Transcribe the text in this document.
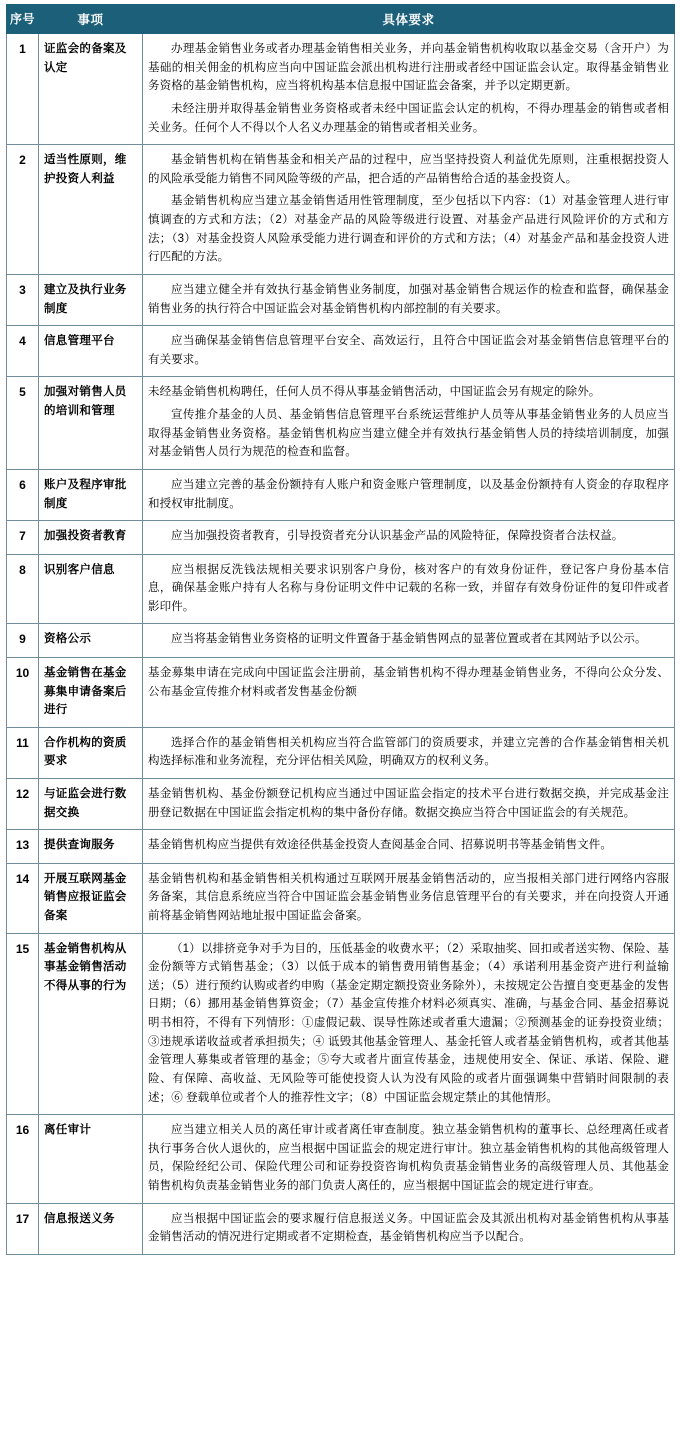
序号	事项	具体要求
1	证监会的备案及认定	办理基金销售业务或者办理基金销售相关业务，并向基金销售机构收取以基金交易（含开户）为基础的相关佣金的机构应当向中国证监会派出机构进行注册或者经中国证监会认定。取得基金销售业务资格的基金销售机构，应当将机构基本信息报中国证监会备案，并予以定期更新。

未经注册并取得基金销售业务资格或者未经中国证监会认定的机构，不得办理基金的销售或者相关业务。任何个人不得以个人名义办理基金的销售或者相关业务。

2	适当性原则，维护投资人利益	基金销售机构在销售基金和相关产品的过程中，应当坚持投资人利益优先原则，注重根据投资人的风险承受能力销售不同风险等级的产品，把合适的产品销售给合适的基金投资人。

基金销售机构应当建立基金销售适用性管理制度，至少包括以下内容：（1）对基金管理人进行审慎调查的方式和方法；（2）对基金产品的风险等级进行设置、对基金产品进行风险评价的方式和方法；（3）对基金投资人风险承受能力进行调查和评价的方式和方法；（4）对基金产品和基金投资人进行匹配的方法。

3	建立及执行业务制度	应当建立健全并有效执行基金销售业务制度，加强对基金销售合规运作的检查和监督，确保基金销售业务的执行符合中国证监会对基金销售机构内部控制的有关要求。

4	信息管理平台	应当确保基金销售信息管理平台安全、高效运行，且符合中国证监会对基金销售信息管理平台的有关要求。

5	加强对销售人员的培训和管理	未经基金销售机构聘任，任何人员不得从事基金销售活动，中国证监会另有规定的除外。

宣传推介基金的人员、基金销售信息管理平台系统运营维护人员等从事基金销售业务的人员应当取得基金销售业务资格。基金销售机构应当建立健全并有效执行基金销售人员的持续培训制度，加强对基金销售人员行为规范的检查和监督。

6	账户及程序审批制度	应当建立完善的基金份额持有人账户和资金账户管理制度，以及基金份额持有人资金的存取程序和授权审批制度。

7	加强投资者教育	应当加强投资者教育，引导投资者充分认识基金产品的风险特征，保障投资者合法权益。

8	识别客户信息	应当根据反洗钱法规相关要求识别客户身份，核对客户的有效身份证件，登记客户身份基本信息，确保基金账户持有人名称与身份证明文件中记载的名称一致，并留存有效身份证件的复印件或者影印件。

9	资格公示	应当将基金销售业务资格的证明文件置备于基金销售网点的显著位置或者在其网站予以公示。

10	基金销售在基金募集申请备案后进行	基金募集申请在完成向中国证监会注册前，基金销售机构不得办理基金销售业务，不得向公众分发、公布基金宣传推介材料或者发售基金份额

11	合作机构的资质要求	选择合作的基金销售相关机构应当符合监管部门的资质要求，并建立完善的合作基金销售相关机构选择标准和业务流程，充分评估相关风险，明确双方的权利义务。

12	与证监会进行数据交换	基金销售机构、基金份额登记机构应当通过中国证监会指定的技术平台进行数据交换，并完成基金注册登记数据在中国证监会指定机构的集中备份存储。数据交换应当符合中国证监会的有关规范。

13	提供查询服务	基金销售机构应当提供有效途径供基金投资人查阅基金合同、招募说明书等基金销售文件。

14	开展互联网基金销售应报证监会备案	基金销售机构和基金销售相关机构通过互联网开展基金销售活动的，应当报相关部门进行网络内容服务备案，其信息系统应当符合中国证监会基金销售业务信息管理平台的有关要求，并在向投资人开通前将基金销售网站地址报中国证监会备案。

15	基金销售机构从事基金销售活动不得从事的行为	（1）以排挤竞争对手为目的，压低基金的收费水平；（2）采取抽奖、回扣或者送实物、保险、基金份额等方式销售基金；（3）以低于成本的销售费用销售基金；（4）承诺利用基金资产进行利益输送；（5）进行预约认购或者约申购（基金定期定额投资业务除外），未按规定公告擅自变更基金的发售日期；（6）挪用基金销售算资金；（7）基金宣传推介材料必须真实、准确，与基金合同、基金招募说明书相符，不得有下列情形：①虚假记载、误导性陈述或者重大遗漏；②预测基金的证券投资业绩；③违规承诺收益或者承担损失；④ 诋毁其他基金管理人、基金托管人或者基金销售机构，或者其他基金管理人募集或者管理的基金；⑤夸大或者片面宣传基金，违规使用安全、保证、承诺、保险、避险、有保障、高收益、无风险等可能使投资人认为没有风险的或者片面强调集中营销时间限制的表述；⑥ 登载单位或者个人的推荐性文字；（8）中国证监会规定禁止的其他情形。

16	离任审计	应当建立相关人员的离任审计或者离任审查制度。独立基金销售机构的董事长、总经理离任或者执行事务合伙人退伙的，应当根据中国证监会的规定进行审计。独立基金销售机构的其他高级管理人员，保险经纪公司、保险代理公司和证券投资咨询机构负责基金销售业务的高级管理人员、其他基金销售机构负责基金销售业务的部门负责人离任的，应当根据中国证监会的规定进行审查。

17	信息报送义务	应当根据中国证监会的要求履行信息报送义务。中国证监会及其派出机构对基金销售机构从事基金销售活动的情况进行定期或者不定期检查，基金销售机构应当予以配合。
